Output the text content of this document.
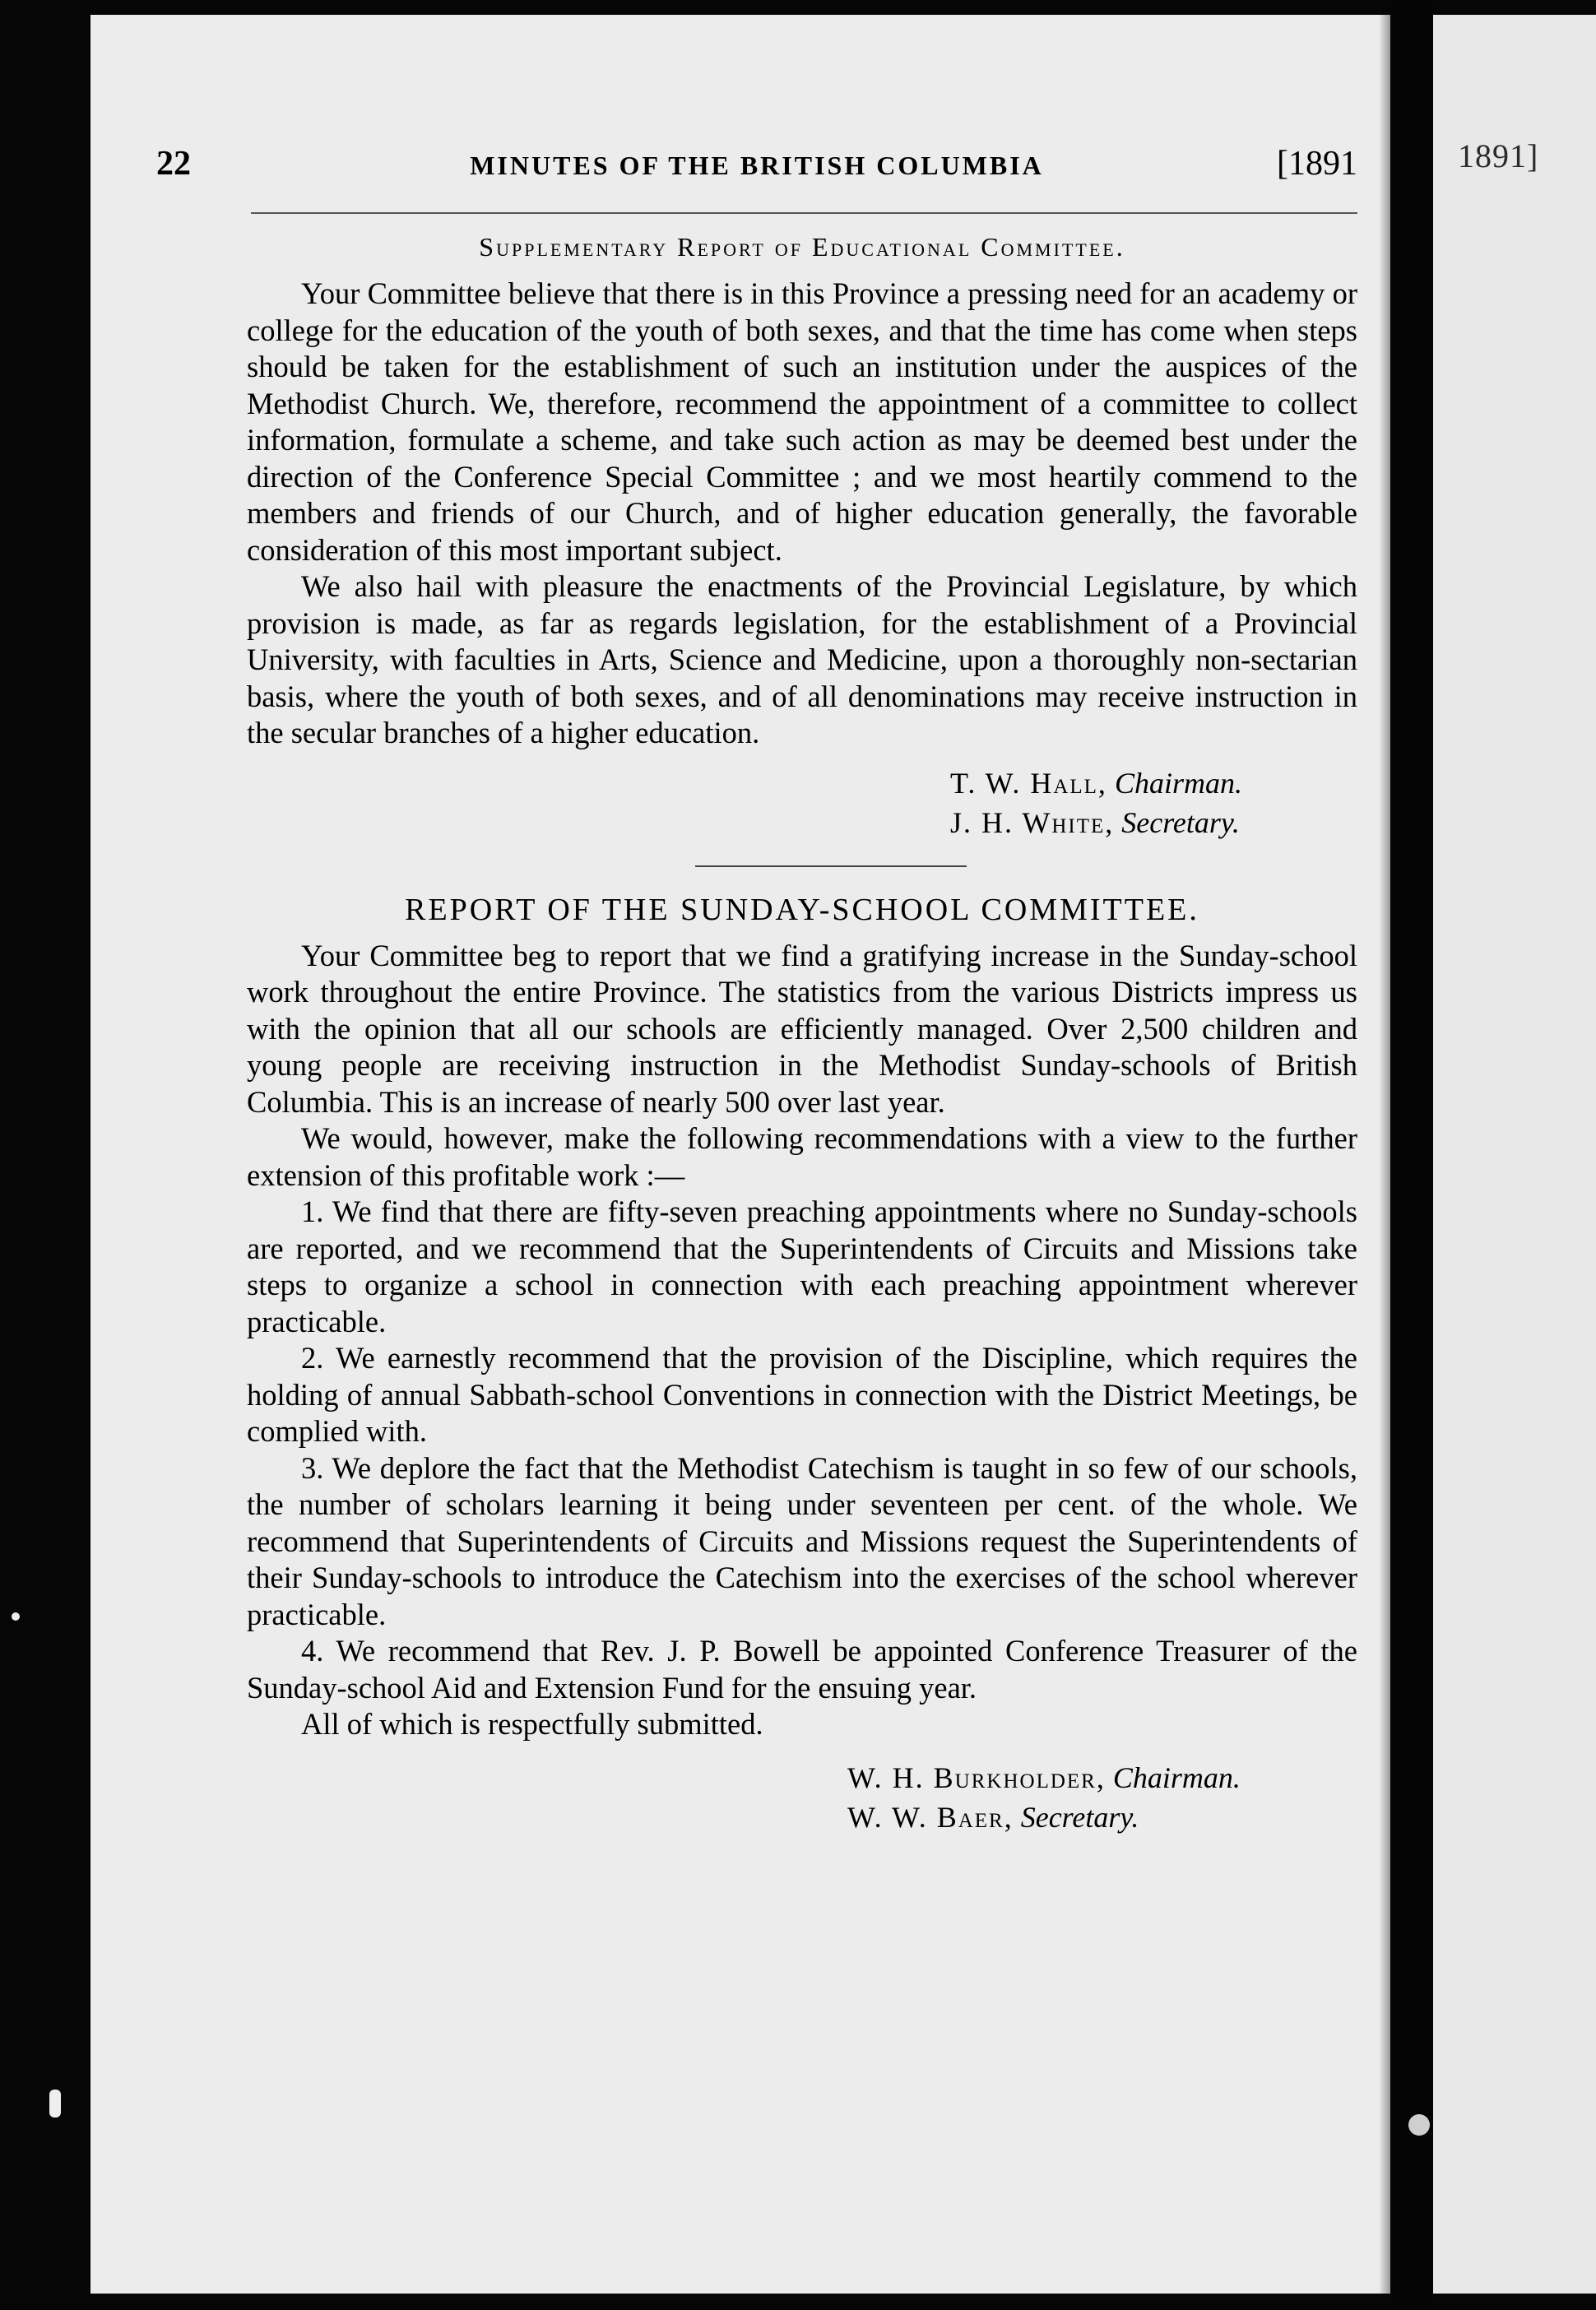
1891]
22	MINUTES OF THE BRITISH COLUMBIA	[1891
Supplementary Report of Educational Committee.

Your Committee believe that there is in this Province a pressing need for an academy or college for the education of the youth of both sexes, and that the time has come when steps should be taken for the establishment of such an institution under the auspices of the Methodist Church. We, therefore, recommend the appointment of a committee to collect information, formulate a scheme, and take such action as may be deemed best under the direction of the Conference Special Committee ; and we most heartily commend to the members and friends of our Church, and of higher education generally, the favorable consideration of this most important subject.

We also hail with pleasure the enactments of the Provincial Legislature, by which provision is made, as far as regards legislation, for the establishment of a Provincial University, with faculties in Arts, Science and Medicine, upon a thoroughly non-sectarian basis, where the youth of both sexes, and of all denominations may receive instruction in the secular branches of a higher education.

T. W. Hall, Chairman.

J. H. White, Secretary.

REPORT OF THE SUNDAY-SCHOOL COMMITTEE.

Your Committee beg to report that we find a gratifying increase in the Sunday-school work throughout the entire Province. The statistics from the various Districts impress us with the opinion that all our schools are efficiently managed. Over 2,500 children and young people are receiving instruction in the Methodist Sunday-schools of British Columbia. This is an increase of nearly 500 over last year.

We would, however, make the following recommendations with a view to the further extension of this profitable work :—

1. We find that there are fifty-seven preaching appointments where no Sunday-schools are reported, and we recommend that the Superintendents of Circuits and Missions take steps to organize a school in connection with each preaching appointment wherever practicable.

2. We earnestly recommend that the provision of the Discipline, which requires the holding of annual Sabbath-school Conventions in connection with the District Meetings, be complied with.

3. We deplore the fact that the Methodist Catechism is taught in so few of our schools, the number of scholars learning it being under seventeen per cent. of the whole. We recommend that Superintendents of Circuits and Missions request the Superintendents of their Sunday-schools to introduce the Catechism into the exercises of the school wherever practicable.

4. We recommend that Rev. J. P. Bowell be appointed Conference Treasurer of the Sunday-school Aid and Extension Fund for the ensuing year.

All of which is respectfully submitted.

W. H. Burkholder, Chairman.

W. W. Baer, Secretary.
